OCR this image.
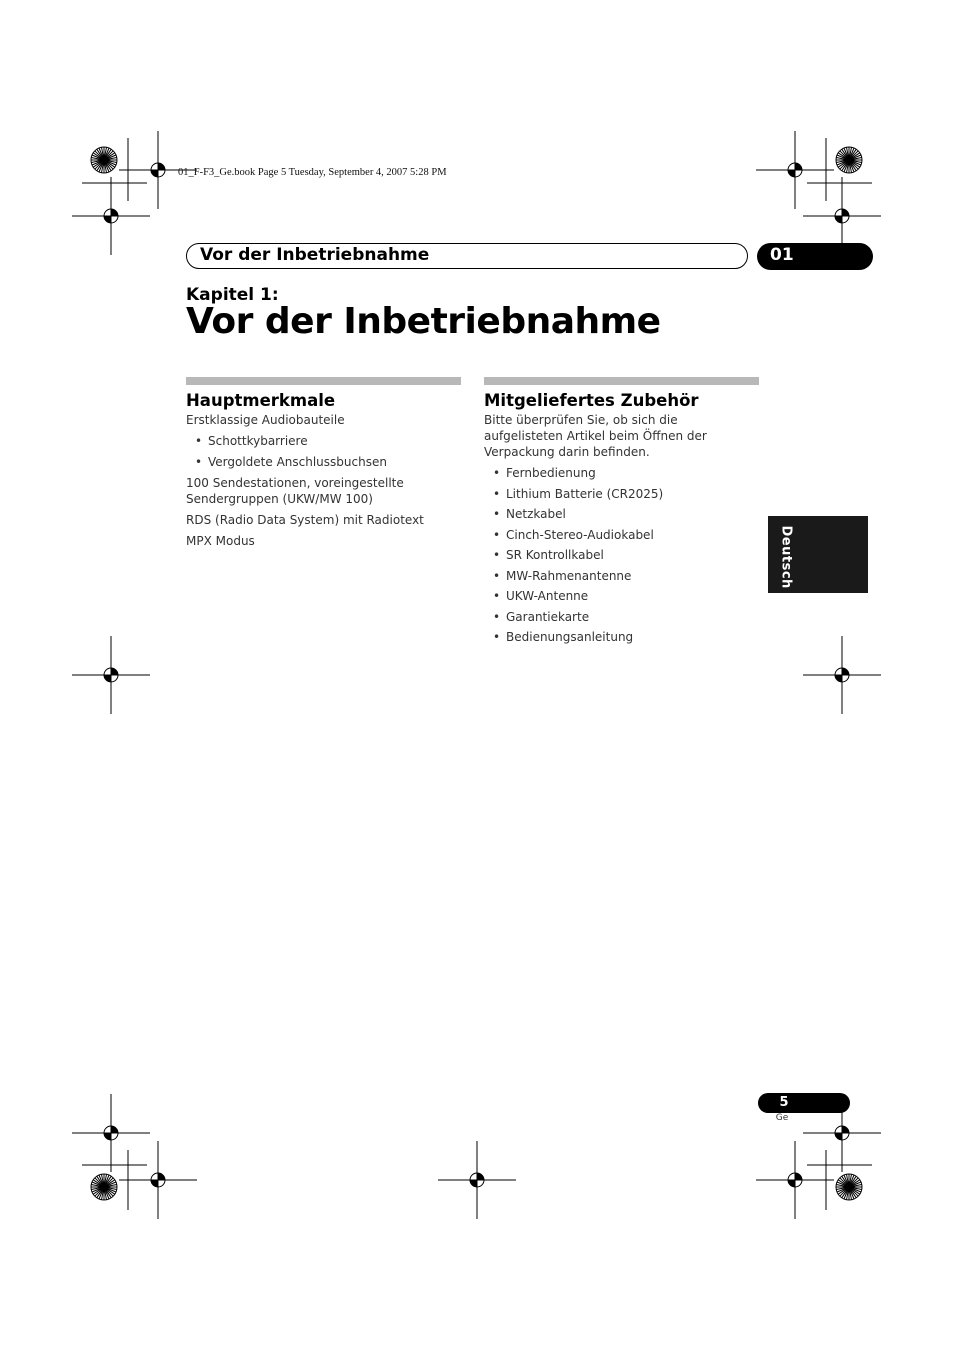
01_F-F3_Ge.book Page 5 Tuesday, September 4, 2007 5:28 PM
Vor der Inbetriebnahme	01
Kapitel 1:
Vor der Inbetriebnahme
Hauptmerkmale

Erstklassige Audiobauteile

• Schottkybarriere
• Vergoldete Anschlussbuchsen

100 Sendestationen, voreingestellte Sendergruppen (UKW/MW 100)

RDS (Radio Data System) mit Radiotext

MPX Modus

Mitgeliefertes Zubehör

Bitte überprüfen Sie, ob sich die aufgelisteten Artikel beim Öffnen der Verpackung darin befinden.

• Fernbedienung
• Lithium Batterie (CR2025)
• Netzkabel
• Cinch-Stereo-Audiokabel
• SR Kontrollkabel
• MW-Rahmenantenne
• UKW-Antenne
• Garantiekarte
• Bedienungsanleitung
Deutsch
5
Ge
